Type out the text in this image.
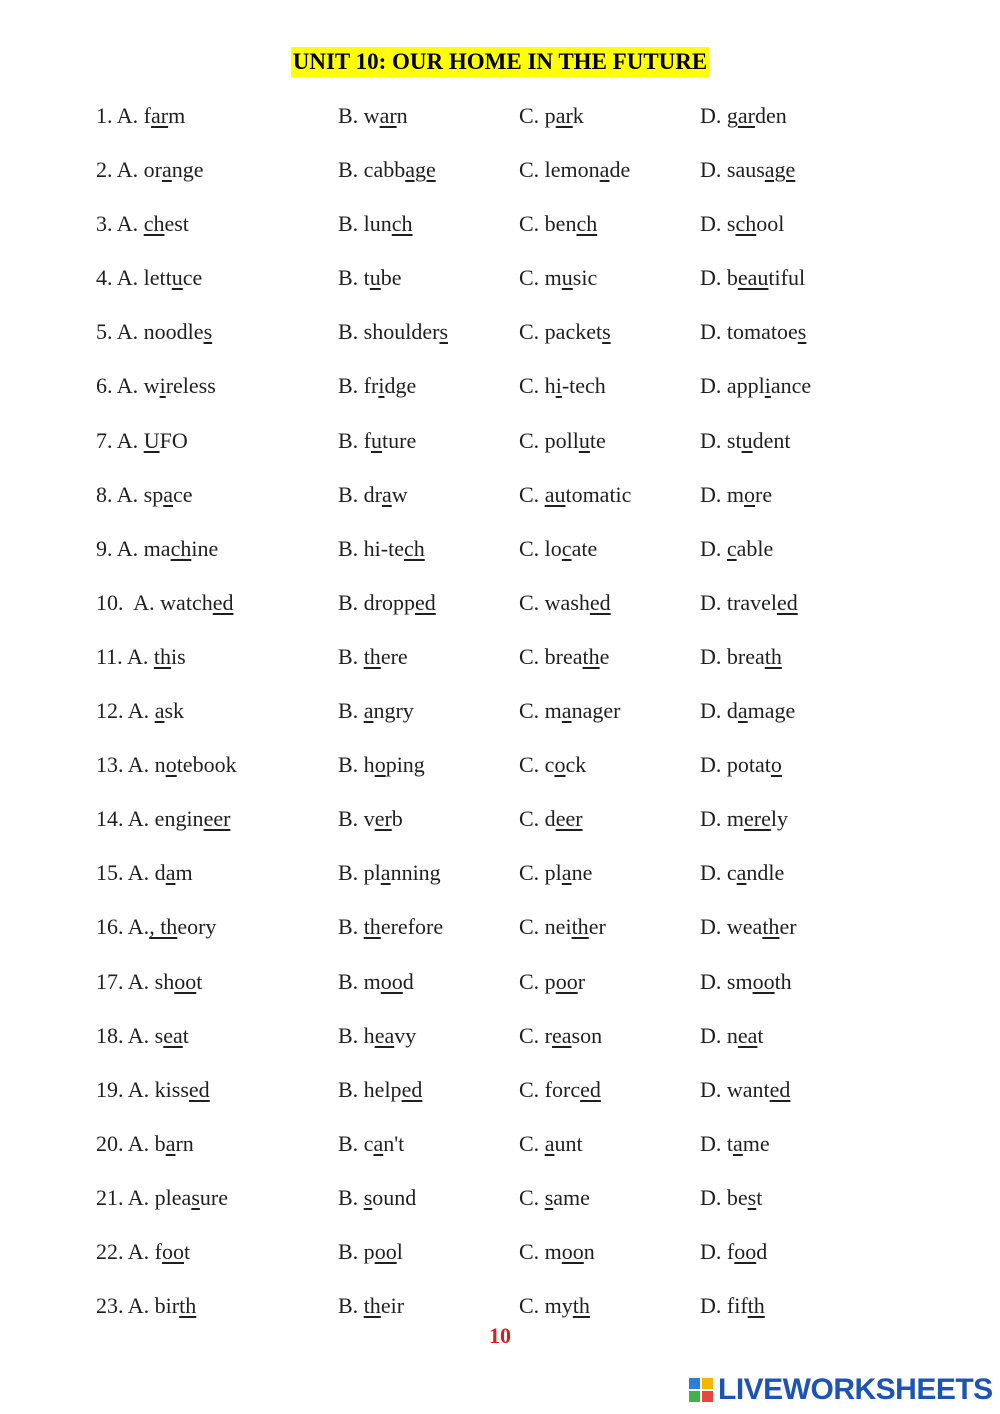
UNIT 10: OUR HOME IN THE FUTURE
1. A. farm	B. warn	C. park	D. garden
2. A. orange	B. cabbage	C. lemonade	D. sausage
3. A. chest	B. lunch	C. bench	D. school
4. A. lettuce	B. tube	C. music	D. beautiful
5. A. noodles	B. shoulders	C. packets	D. tomatoes
6. A. wireless	B. fridge	C. hi-tech	D. appliance
7. A. UFO	B. future	C. pollute	D. student
8. A. space	B. draw	C. automatic	D. more
9. A. machine	B. hi-tech	C. locate	D. cable
10.  A. watched	B. dropped	C. washed	D. traveled
11. A. this	B. there	C. breathe	D. breath
12. A. ask	B. angry	C. manager	D. damage
13. A. notebook	B. hoping	C. cock	D. potato
14. A. engineer	B. verb	C. deer	D. merely
15. A. dam	B. planning	C. plane	D. candle
16. A., theory	B. therefore	C. neither	D. weather
17. A. shoot	B. mood	C. poor	D. smooth
18. A. seat	B. heavy	C. reason	D. neat
19. A. kissed	B. helped	C. forced	D. wanted
20. A. barn	B. can't	C. aunt	D. tame
21. A. pleasure	B. sound	C. same	D. best
22. A. foot	B. pool	C. moon	D. food
23. A. birth	B. their	C. myth	D. fifth
10
LIVEWORKSHEETS
